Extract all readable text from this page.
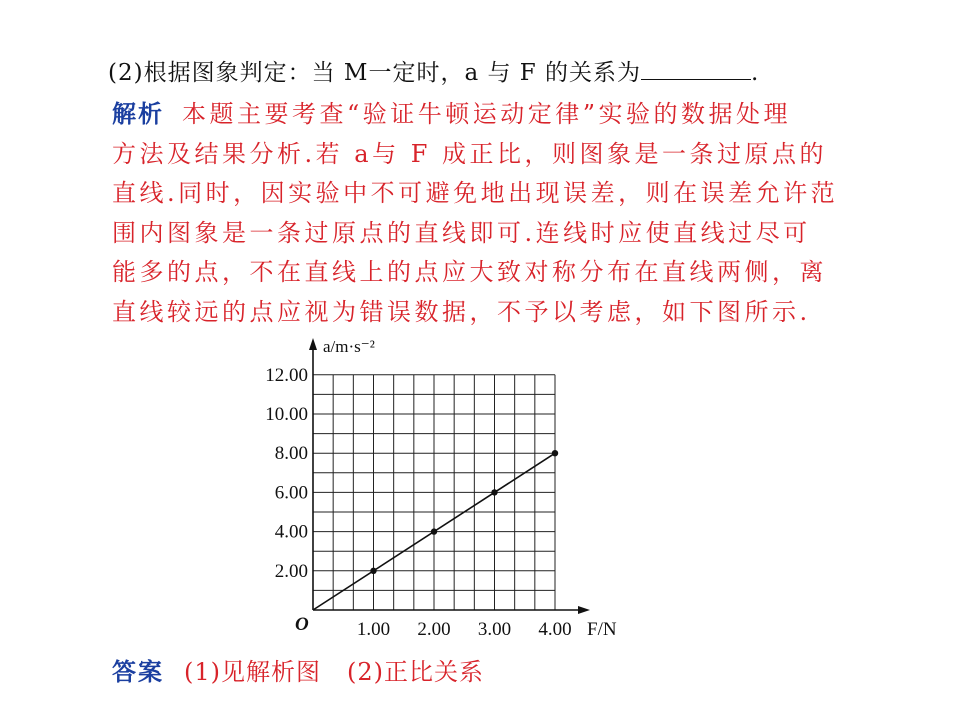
(2)根据图象判定：当 M一定时，a 与 F 的关系为	.
解析 本题主要考查“验证牛顿运动定律”实验的数据处理
方法及结果分析.若 a与 F 成正比，则图象是一条过原点的
直线.同时，因实验中不可避免地出现误差，则在误差允许范
围内图象是一条过原点的直线即可.连线时应使直线过尽可
能多的点，不在直线上的点应大致对称分布在直线两侧，离
直线较远的点应视为错误数据，不予以考虑，如下图所示.
2.00
4.00
6.00
8.00
10.00
12.00
1.00 2.00 3.00 4.00
O	F/N
a/m·s⁻²
答案 (1)见解析图 (2)正比关系
